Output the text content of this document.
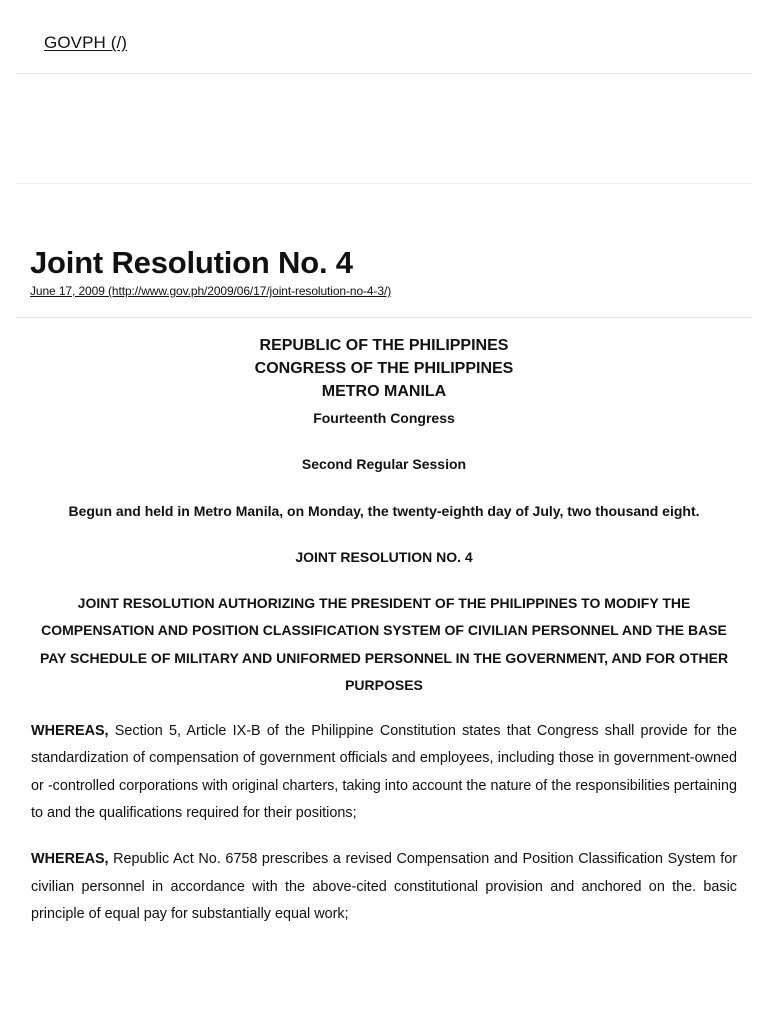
GOVPH (/)
Joint Resolution No. 4
June 17, 2009 (http://www.gov.ph/2009/06/17/joint-resolution-no-4-3/)

REPUBLIC OF THE PHILIPPINES

CONGRESS OF THE PHILIPPINES

METRO MANILA

Fourteenth Congress

Second Regular Session

Begun and held in Metro Manila, on Monday, the twenty-eighth day of July, two thousand eight.

JOINT RESOLUTION NO. 4

JOINT RESOLUTION AUTHORIZING THE PRESIDENT OF THE PHILIPPINES TO MODIFY THE COMPENSATION AND POSITION CLASSIFICATION SYSTEM OF CIVILIAN PERSONNEL AND THE BASE PAY SCHEDULE OF MILITARY AND UNIFORMED PERSONNEL IN THE GOVERNMENT, AND FOR OTHER PURPOSES

WHEREAS, Section 5, Article IX-B of the Philippine Constitution states that Congress shall provide for the standardization of compensation of government officials and employees, including those in government-owned or -controlled corporations with original charters, taking into account the nature of the responsibilities pertaining to and the qualifications required for their positions;

WHEREAS, Republic Act No. 6758 prescribes a revised Compensation and Position Classification System for civilian personnel in accordance with the above-cited constitutional provision and anchored on the. basic principle of equal pay for substantially equal work;
